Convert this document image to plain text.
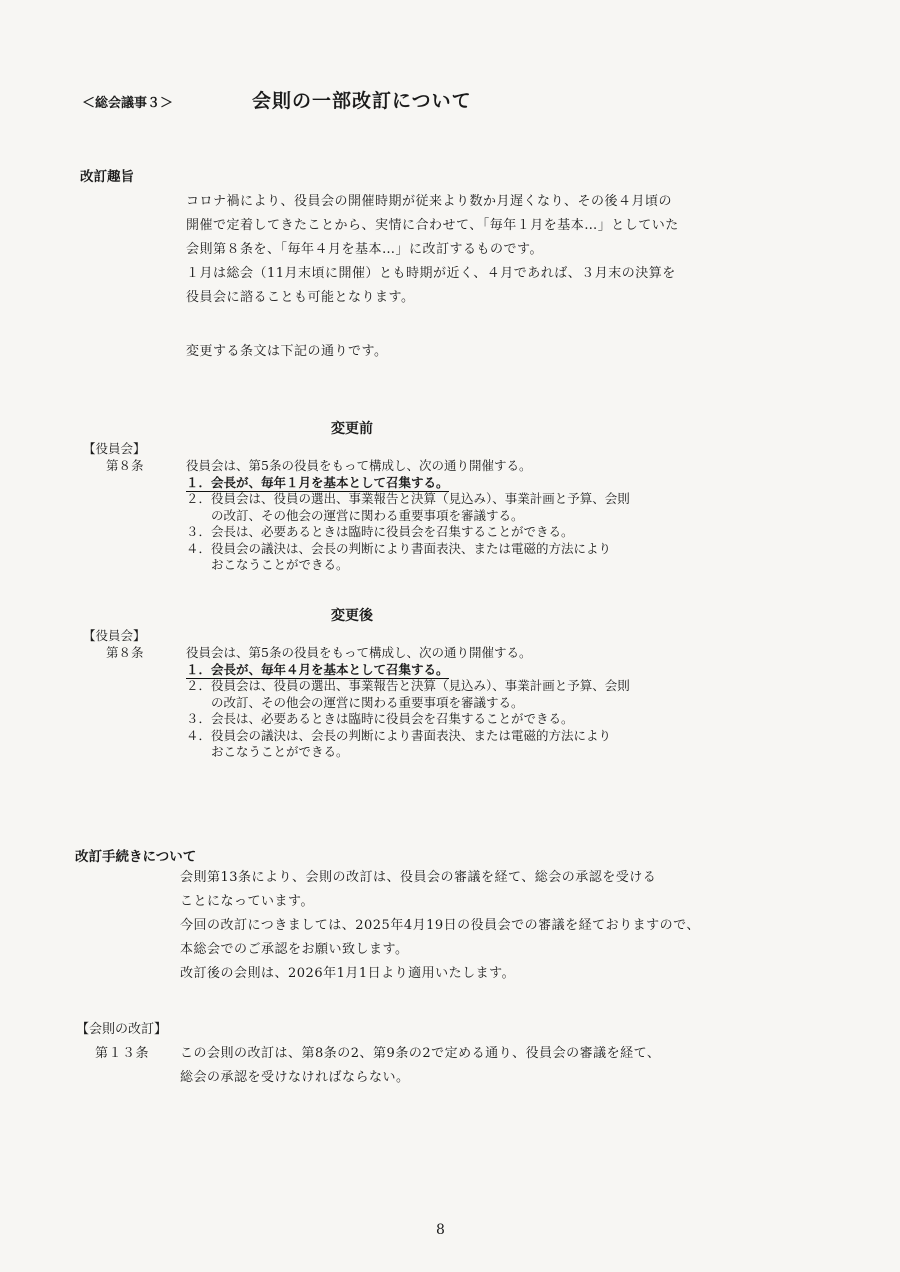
＜総会議事３＞	会則の一部改訂について
改訂趣旨
コロナ禍により、役員会の開催時期が従来より数か月遅くなり、その後４月頃の
開催で定着してきたことから、実情に合わせて、「毎年１月を基本…」としていた
会則第８条を、「毎年４月を基本…」に改訂するものです。
１月は総会（11月末頃に開催）とも時期が近く、４月であれば、３月末の決算を
役員会に諮ることも可能となります。
変更する条文は下記の通りです。
変更前
【役員会】
第８条	役員会は、第5条の役員をもって構成し、次の通り開催する。
１．会長が、毎年１月を基本として召集する。
２．役員会は、役員の選出、事業報告と決算（見込み）、事業計画と予算、会則
　　の改訂、その他会の運営に関わる重要事項を審議する。
３．会長は、必要あるときは臨時に役員会を召集することができる。
４．役員会の議決は、会長の判断により書面表決、または電磁的方法により
　　おこなうことができる。
変更後
【役員会】
第８条	役員会は、第5条の役員をもって構成し、次の通り開催する。
１．会長が、毎年４月を基本として召集する。
２．役員会は、役員の選出、事業報告と決算（見込み）、事業計画と予算、会則
　　の改訂、その他会の運営に関わる重要事項を審議する。
３．会長は、必要あるときは臨時に役員会を召集することができる。
４．役員会の議決は、会長の判断により書面表決、または電磁的方法により
　　おこなうことができる。
改訂手続きについて
会則第13条により、会則の改訂は、役員会の審議を経て、総会の承認を受ける
ことになっています。
今回の改訂につきましては、2025年4月19日の役員会での審議を経ておりますので、
本総会でのご承認をお願い致します。
改訂後の会則は、2026年1月1日より適用いたします。
【会則の改訂】
第１３条 この会則の改訂は、第8条の2、第9条の2で定める通り、役員会の審議を経て、
総会の承認を受けなければならない。
8
